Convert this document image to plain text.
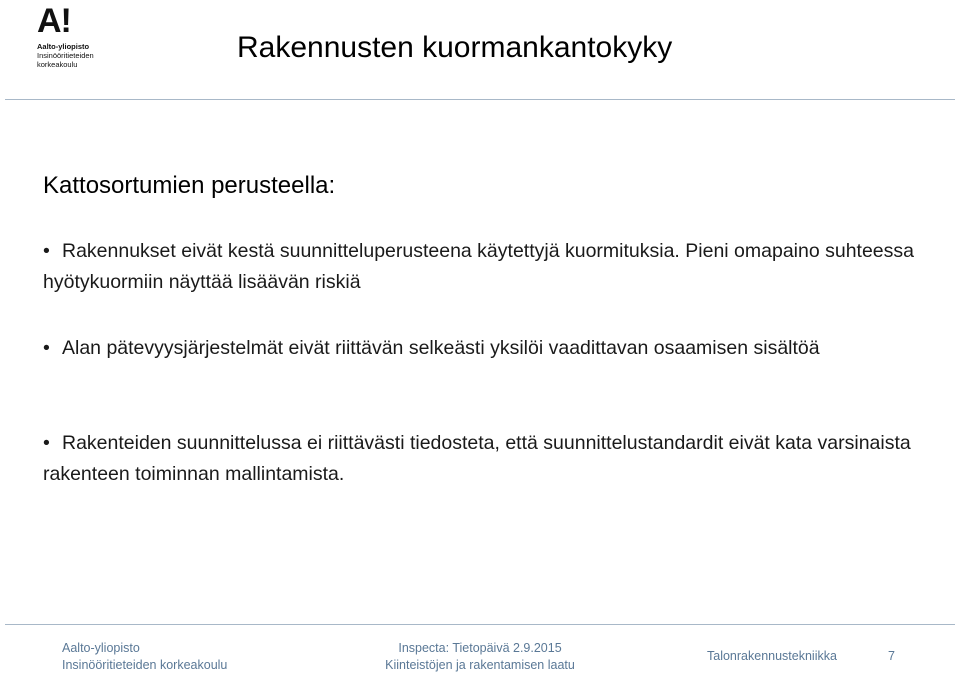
A!
Aalto-yliopisto
Insinööritieteiden
korkeakoulu
Rakennusten kuormankantokyky
Kattosortumien perusteella:
• Rakennukset eivät kestä suunnitteluperusteena käytettyjä kuormituksia. Pieni omapaino suhteessa hyötykuormiin näyttää lisäävän riskiä
• Alan pätevyysjärjestelmät eivät riittävän selkeästi yksilöi vaadittavan osaamisen sisältöä
• Rakenteiden suunnittelussa ei riittävästi tiedosteta, että suunnittelustandardit eivät kata varsinaista rakenteen toiminnan mallintamista.
Aalto-yliopisto
Insinööritieteiden korkeakoulu
Inspecta: Tietopäivä 2.9.2015
Kiinteistöjen ja rakentamisen laatu
Talonrakennustekniikka	7
